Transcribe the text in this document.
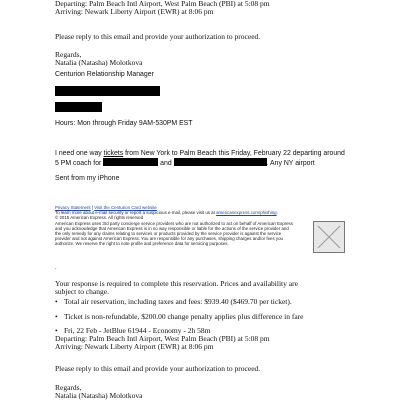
Departing: Palm Beach Intl Airport, West Palm Beach (PBI) at 5:08 pm
Arriving: Newark Liberty Airport (EWR) at 8:06 pm
Please reply to this email and provide your authorization to proceed.
Regards,
Natalia (Natasha) Molotkova
Centurion Relationship Manager
Hours: Mon through Friday 9AM-530PM EST
I need one way tickets from New York to Palm Beach this Friday, February 22 departing around
5 PM coach for	and	. Any NY airport
Sent from my iPhone
Privacy Statement | Visit the Centurion Card website
To learn more about e-mail security or report a suspicious e-mail, please visit us at americanexpress.com/phishing.
© 2015 American Express. All rights reserved
American Express uses 3rd party concierge service providers who are not authorized to act on behalf of American Express
and you acknowledge that American Express is in no way responsible or liable for the actions of the service provider and
the only remedy for any claims relating to services or products provided by the service provider is against the service
provider and not against American Express. You are responsible for any purchases, shipping charges and/or fees you
authorize. We reserve the right to note profile and preference data for servicing purposes.
.
Your response is required to complete this reservation. Prices and availability are
subject to change.
• Total air reservation, including taxes and fees: $939.40 ($469.70 per ticket).
• Ticket is non-refundable, $200.00 change penalty applies plus difference in fare
• Fri, 22 Feb - JetBlue 61944 - Economy - 2h 58m
Departing: Palm Beach Intl Airport, West Palm Beach (PBI) at 5:08 pm
Arriving: Newark Liberty Airport (EWR) at 8:06 pm
Please reply to this email and provide your authorization to proceed.
Regards,
Natalia (Natasha) Molotkova
